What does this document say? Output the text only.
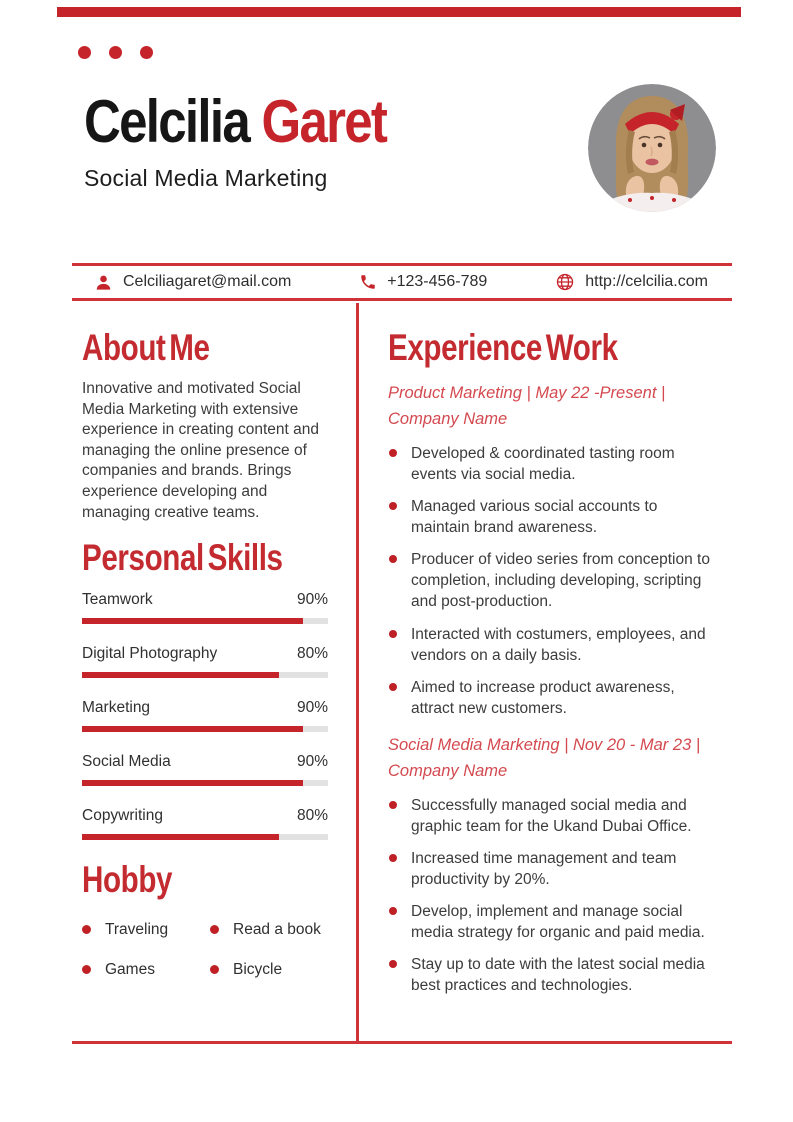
Celcilia Garet
Social Media Marketing
Celciliagaret@mail.com	+123-456-789	http://celcilia.com
About Me

Innovative and motivated Social Media Marketing with extensive experience in creating content and managing the online presence of companies and brands. Brings experience developing and managing creative teams.

Personal Skills
Teamwork	90%
Digital Photography	80%
Marketing	90%
Social Media	90%
Copywriting	80%
Hobby
Traveling	Read a book
Games	Bicycle
Experience Work
Product Marketing | May 22 -Present | Company Name
Developed & coordinated tasting room events via social media.
Managed various social accounts to maintain brand awareness.
Producer of video series from conception to completion, including developing, scripting and post-production.
Interacted with costumers, employees, and vendors on a daily basis.
Aimed to increase product awareness, attract new customers.
Social Media Marketing | Nov 20 - Mar 23 | Company Name
Successfully managed social media and graphic team for the Ukand Dubai Office.
Increased time management and team productivity by 20%.
Develop, implement and manage social media strategy for organic and paid media.
Stay up to date with the latest social media best practices and technologies.
